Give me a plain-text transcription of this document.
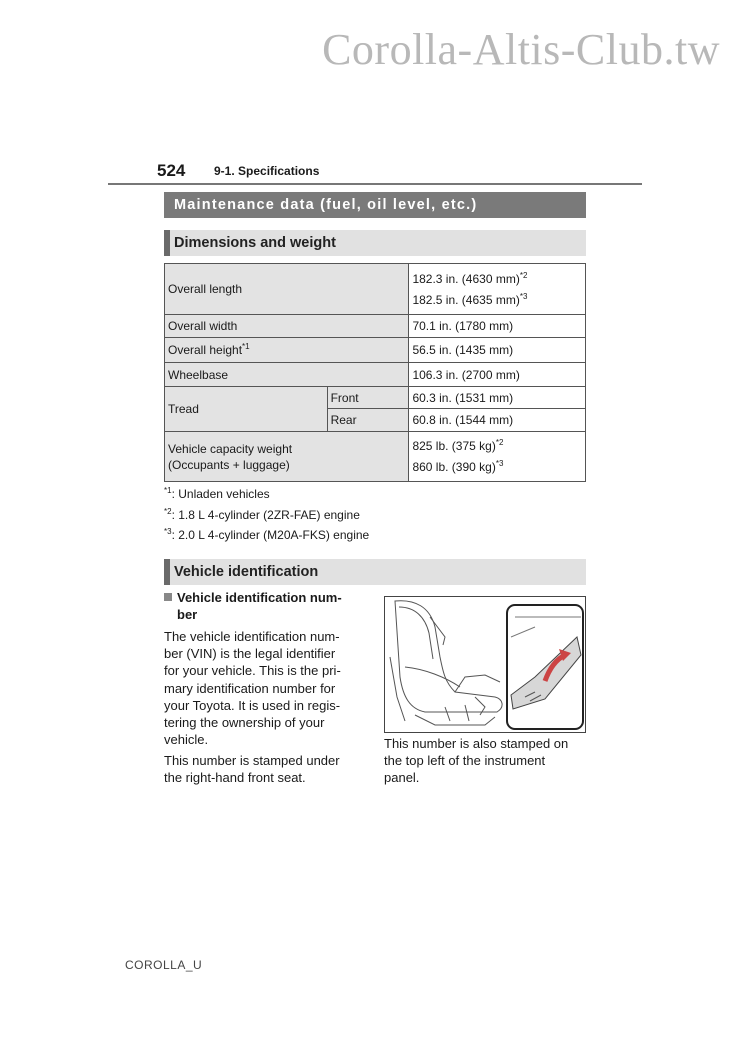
Corolla-Altis-Club.tw
524 9-1. Specifications
Maintenance data (fuel, oil level, etc.)
Dimensions and weight
Overall length		182.3 in. (4630 mm)$^{*2}$
182.5 in. (4635 mm)$^{*3}$

Overall width		70.1 in. (1780 mm)
Overall height$^{*1}$		56.5 in. (1435 mm)
Wheelbase		106.3 in. (2700 mm)
Tread	Front	60.3 in. (1531 mm)
	Rear	60.8 in. (1544 mm)

Vehicle capacity weight
(Occupants + luggage)		825 lb. (375 kg)$^{*2}$
860 lb. (390 kg)$^{*3}$
$^{*1}$: Unladen vehicles
$^{*2}$: 1.8 L 4-cylinder (2ZR-FAE) engine
$^{*3}$: 2.0 L 4-cylinder (M20A-FKS) engine
Vehicle identification
Vehicle identification num-
ber
The vehicle identification num-
ber (VIN) is the legal identifier
for your vehicle. This is the pri-
mary identification number for
your Toyota. It is used in regis-
tering the ownership of your
vehicle.
This number is stamped under
the right-hand front seat.
This number is also stamped on
the top left of the instrument
panel.
COROLLA_U
